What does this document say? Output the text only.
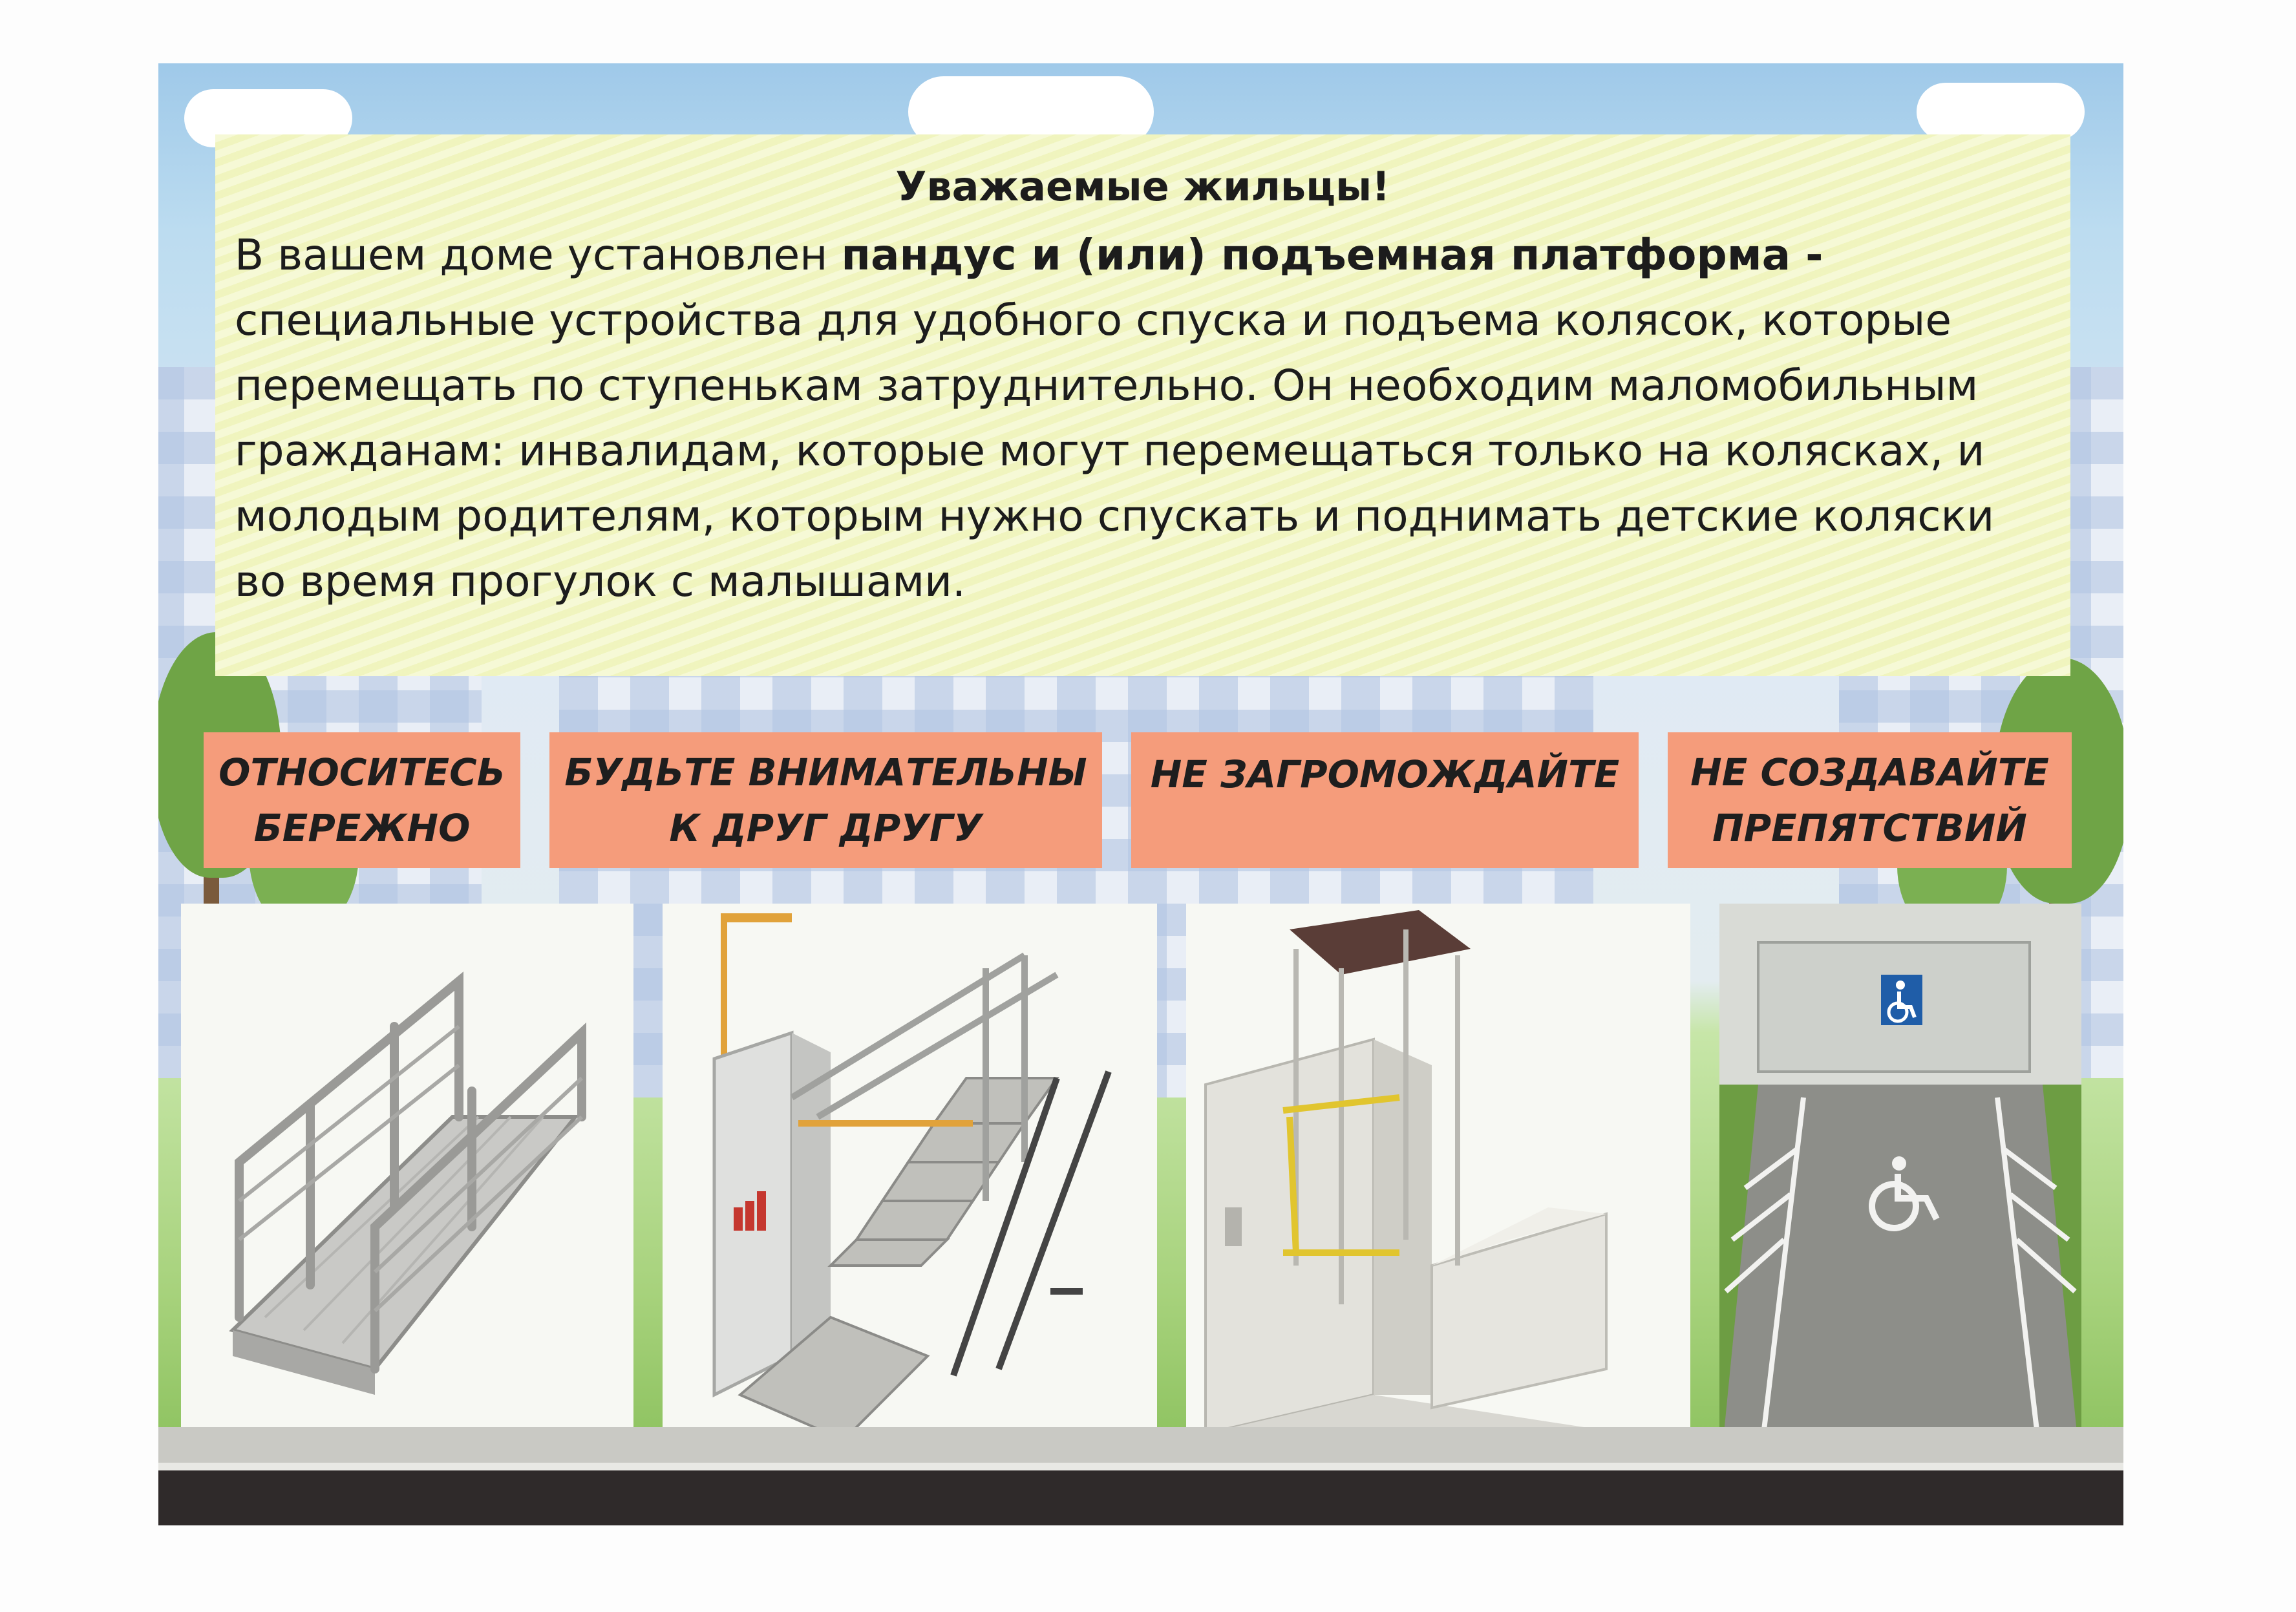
Уважаемые жильцы!

В вашем доме установлен пандус и (или) подъемная платформа - специальные устройства для удобного спуска и подъема колясок, которые перемещать по ступенькам затруднительно. Он необходим маломобильным гражданам: инвалидам, которые могут перемещаться только на колясках, и молодым родителям, которым нужно спускать и поднимать детские коляски во время прогулок с малышами.

ОТНОСИТЕСЬ
БЕРЕЖНО
БУДЬТЕ ВНИМАТЕЛЬНЫ
К ДРУГ ДРУГУ
НЕ ЗАГРОМОЖДАЙТЕ НЕ СОЗДАВАЙТЕ
ПРЕПЯТСТВИЙ
